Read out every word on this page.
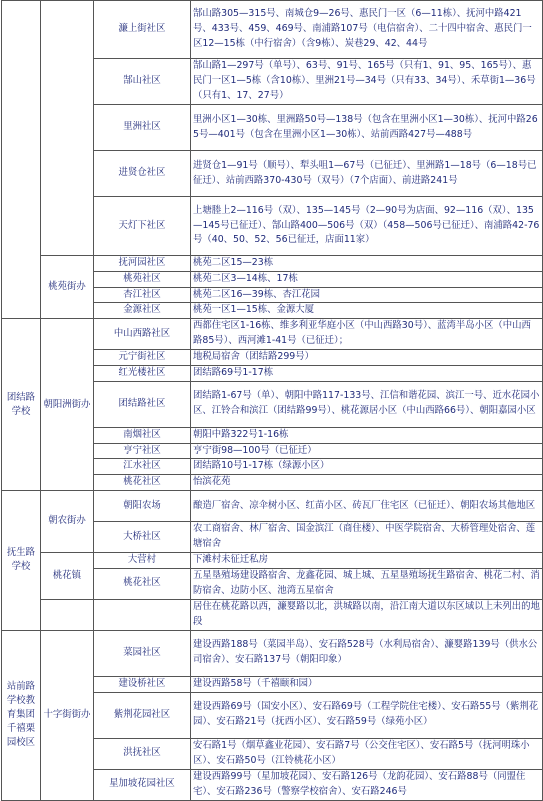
		濂上街社区	郜山路305—315号、南城仓9—26号、惠民门一区（6—11栋）、抚河中路421号、433号、459、469号、南浦路107号（电信宿舍）、二十四中宿舍、惠民门一区12—15栋（中行宿舍）（含9栋）、炭巷29、42、44号
		郜山社区	郜山路1—297号（单号）、63号、91号、165号（只有1、91、95、165号）、惠民门一区1—5栋（含10栋）、里洲21号—34号（只有33、34号）、禾草街1—36号（只有1、17、27号）
		里洲社区	里洲小区1—30栋、里洲路50号—138号（包含在里洲小区1—30栋）、抚河中路265号—401号（包含在里洲小区1—30栋）、站前西路427号—488号
		进贤仓社区	进贤仓1—91号（顺号）、犁头咀1—67号（已征迁）、里洲路1—18号（6—18号已征迁）、站前西路370-430号（双号）（7个店面）、前进路241号
		天灯下社区	上塘塍上2—116号（双）、135—145号（2—90号为店面、92—116（双）、135—145号已征迁）、郜山路400—506号（双）（458—506号已征迁）、南浦路42-76号（40、50、52、56已征迁，店面11家）
	桃苑街办	抚河园社区	桃苑二区15—23栋
		桃苑社区	桃苑二区3—14栋、17栋
		杏江社区	桃苑二区16—39栋、杏江花园
		金源社区	桃苑一区1—15栋、金源大厦
团结路学校	朝阳洲街办	中山西路社区	西都住宅区1-16栋、维多利亚华庭小区（中山西路30号）、蓝湾半岛小区（中山西路85号）、西河滩1-41号（已征迁）；
		元宁街社区	地税局宿舍（团结路299号）
		红光楼社区	团结路69号1-17栋
		团结路社区	团结路1-67号（单）、朝阳中路117-133号、江信和谐花园、滨江一号、近水花园小区、江铃合和滨江（团结路99号）、桃花源居小区（中山西路66号）、朝阳嘉园小区
		南烟社区	朝阳中路322号1-16栋
		亨宁社区	亨宁街98—100号（已征迁）
		江水社区	团结路10号1-17栋（绿源小区）
		桃花社区	怡滨花苑
抚生路学校	朝农街办	朝阳农场	酿造厂宿舍、凉伞树小区、红苗小区、砖瓦厂住宅区（已征迁）、朝阳农场其他地区
		大桥社区	农工商宿舍、林厂宿舍、国金滨江（商住楼）、中医学院宿舍、大桥管理处宿舍、莲塘宿舍
	桃花镇	大营村	下滩村未征迁私房
		桃花社区	五星垦殖场建设路宿舍、龙鑫花园、城上城、五星垦殖场抚生路宿舍、桃花二村、消防宿舍、边防小区、池湾五星宿舍
			居住在桃花路以西，濂婴路以北，洪城路以南，沿江南大道以东区域以上未列出的地段
站前路学校教育集团千禧栗园校区	十字街街办	菜园社区	建设西路188号（菜园半岛）、安石路528号（水利局宿舍）、濂婴路139号（供水公司宿舍）、安石路137号（朝阳印象）
		建设桥社区	建设西路58号（千禧颐和园）
		紫荆花园社区	建设西路69号（国安小区）、安石路69号（工程学院住宅楼）、安石路55号（紫荆花园）、安石路21号（抚西小区）、安石路59号（绿苑小区）
		洪抚社区	安石路1号（烟草鑫业花园）、安石路7号（公交住宅区）、安石路5号（抚河明珠小区）、安石路50号（江铃桃花小区）
		星加坡花园社区	建设西路99号（星加坡花园）、安石路126号（龙韵花园）、安石路88号（同盟住宅）、安石路236号（警察学校宿舍）、安石路246号
